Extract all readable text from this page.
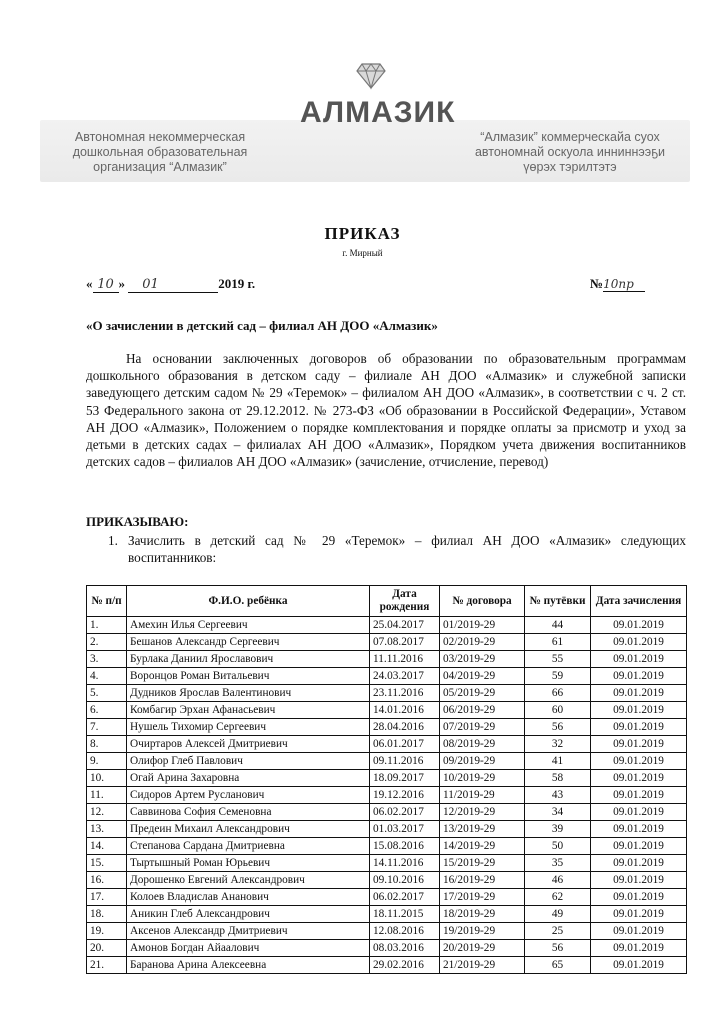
АЛМАЗИК
Автономная некоммерческая
дошкольная образовательная
организация “Алмазик”
“Алмазик” коммерческайа суох
автономнай оскуола инниннээҕи
үөрэх тэрилтэтэ
ПРИКАЗ
г. Мирный
« 10 » 01	2019 г.	№10пр
«О зачислении в детский сад – филиал АН ДОО «Алмазик»
На основании заключенных договоров об образовании по образовательным программам дошкольного образования в детском саду – филиале АН ДОО «Алмазик» и служебной записки заведующего детским садом № 29 «Теремок» – филиалом АН ДОО «Алмазик», в соответствии с ч. 2 ст. 53 Федерального закона от 29.12.2012. № 273-ФЗ «Об образовании в Российской Федерации», Уставом АН ДОО «Алмазик», Положением о порядке комплектования и порядке оплаты за присмотр и уход за детьми в детских садах – филиалах АН ДОО «Алмазик», Порядком учета движения воспитанников детских садов – филиалов АН ДОО «Алмазик» (зачисление, отчисление, перевод)
ПРИКАЗЫВАЮ:
1. Зачислить в детский сад № 29 «Теремок» – филиал АН ДОО «Алмазик» следующих воспитанников:
№ п/п	Ф.И.О. ребёнка	Дата рождения	№ договора	№ путёвки	Дата зачисления
1.	Амехин Илья Сергеевич	25.04.2017	01/2019-29	44	09.01.2019
2.	Бешанов Александр Сергеевич	07.08.2017	02/2019-29	61	09.01.2019
3.	Бурлака Даниил Ярославович	11.11.2016	03/2019-29	55	09.01.2019
4.	Воронцов Роман Витальевич	24.03.2017	04/2019-29	59	09.01.2019
5.	Дудников Ярослав Валентинович	23.11.2016	05/2019-29	66	09.01.2019
6.	Комбагир Эрхан Афанасьевич	14.01.2016	06/2019-29	60	09.01.2019
7.	Нушель Тихомир Сергеевич	28.04.2016	07/2019-29	56	09.01.2019
8.	Очиртаров Алексей Дмитриевич	06.01.2017	08/2019-29	32	09.01.2019
9.	Олифор Глеб Павлович	09.11.2016	09/2019-29	41	09.01.2019
10.	Огай Арина Захаровна	18.09.2017	10/2019-29	58	09.01.2019
11.	Сидоров Артем Русланович	19.12.2016	11/2019-29	43	09.01.2019
12.	Саввинова София Семеновна	06.02.2017	12/2019-29	34	09.01.2019
13.	Предеин Михаил Александрович	01.03.2017	13/2019-29	39	09.01.2019
14.	Степанова Сардана Дмитриевна	15.08.2016	14/2019-29	50	09.01.2019
15.	Тыртышный Роман Юрьевич	14.11.2016	15/2019-29	35	09.01.2019
16.	Дорошенко Евгений Александрович	09.10.2016	16/2019-29	46	09.01.2019
17.	Колоев Владислав Ананович	06.02.2017	17/2019-29	62	09.01.2019
18.	Аникин Глеб Александрович	18.11.2015	18/2019-29	49	09.01.2019
19.	Аксенов Александр Дмитриевич	12.08.2016	19/2019-29	25	09.01.2019
20.	Амонов Богдан Айаалович	08.03.2016	20/2019-29	56	09.01.2019
21.	Баранова Арина Алексеевна	29.02.2016	21/2019-29	65	09.01.2019
